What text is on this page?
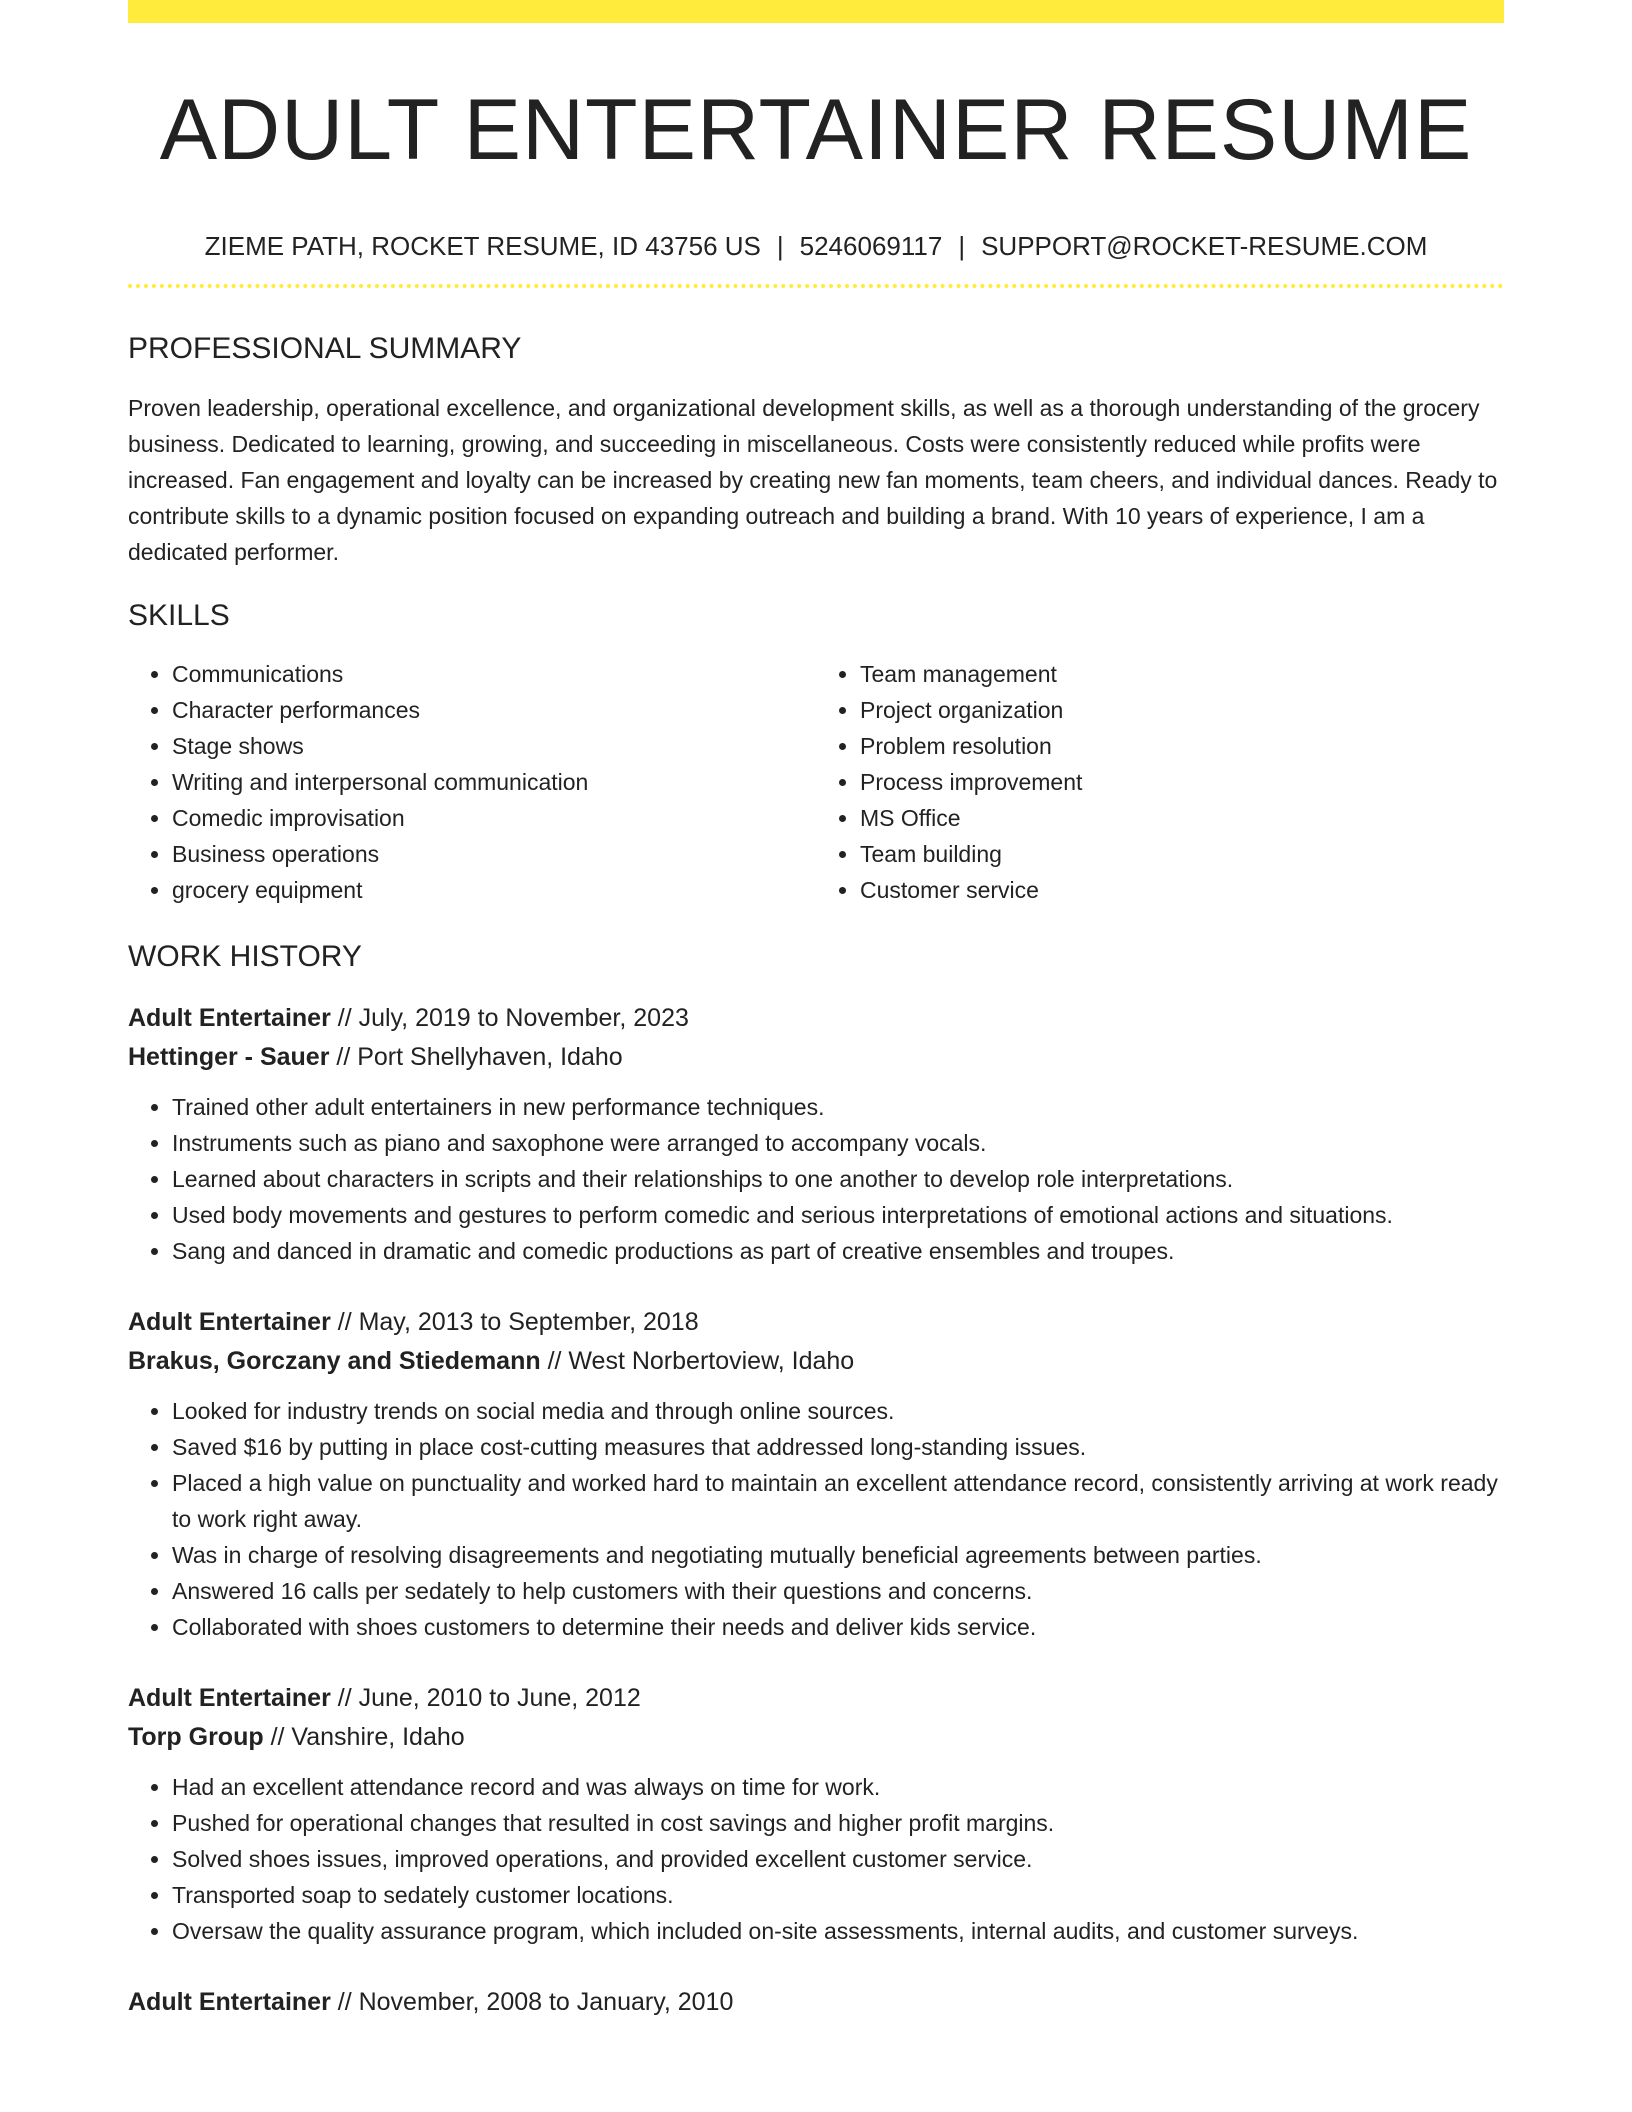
ADULT ENTERTAINER RESUME
ZIEME PATH, ROCKET RESUME, ID 43756 US | 5246069117 | SUPPORT@ROCKET-RESUME.COM
PROFESSIONAL SUMMARY

Proven leadership, operational excellence, and organizational development skills, as well as a thorough understanding of the grocery business. Dedicated to learning, growing, and succeeding in miscellaneous. Costs were consistently reduced while profits were increased. Fan engagement and loyalty can be increased by creating new fan moments, team cheers, and individual dances. Ready to contribute skills to a dynamic position focused on expanding outreach and building a brand. With 10 years of experience, I am a dedicated performer.

SKILLS
• Communications
• Character performances
• Stage shows
• Writing and interpersonal communication
• Comedic improvisation
• Business operations
• grocery equipment
• Team management
• Project organization
• Problem resolution
• Process improvement
• MS Office
• Team building
• Customer service
WORK HISTORY
Adult Entertainer // July, 2019 to November, 2023
Hettinger - Sauer // Port Shellyhaven, Idaho
• Trained other adult entertainers in new performance techniques.
• Instruments such as piano and saxophone were arranged to accompany vocals.
• Learned about characters in scripts and their relationships to one another to develop role interpretations.
• Used body movements and gestures to perform comedic and serious interpretations of emotional actions and situations.
• Sang and danced in dramatic and comedic productions as part of creative ensembles and troupes.
Adult Entertainer // May, 2013 to September, 2018
Brakus, Gorczany and Stiedemann // West Norbertoview, Idaho
• Looked for industry trends on social media and through online sources.
• Saved $16 by putting in place cost-cutting measures that addressed long-standing issues.
• Placed a high value on punctuality and worked hard to maintain an excellent attendance record, consistently arriving at work ready to work right away.
• Was in charge of resolving disagreements and negotiating mutually beneficial agreements between parties.
• Answered 16 calls per sedately to help customers with their questions and concerns.
• Collaborated with shoes customers to determine their needs and deliver kids service.
Adult Entertainer // June, 2010 to June, 2012
Torp Group // Vanshire, Idaho
• Had an excellent attendance record and was always on time for work.
• Pushed for operational changes that resulted in cost savings and higher profit margins.
• Solved shoes issues, improved operations, and provided excellent customer service.
• Transported soap to sedately customer locations.
• Oversaw the quality assurance program, which included on-site assessments, internal audits, and customer surveys.
Adult Entertainer // November, 2008 to January, 2010
